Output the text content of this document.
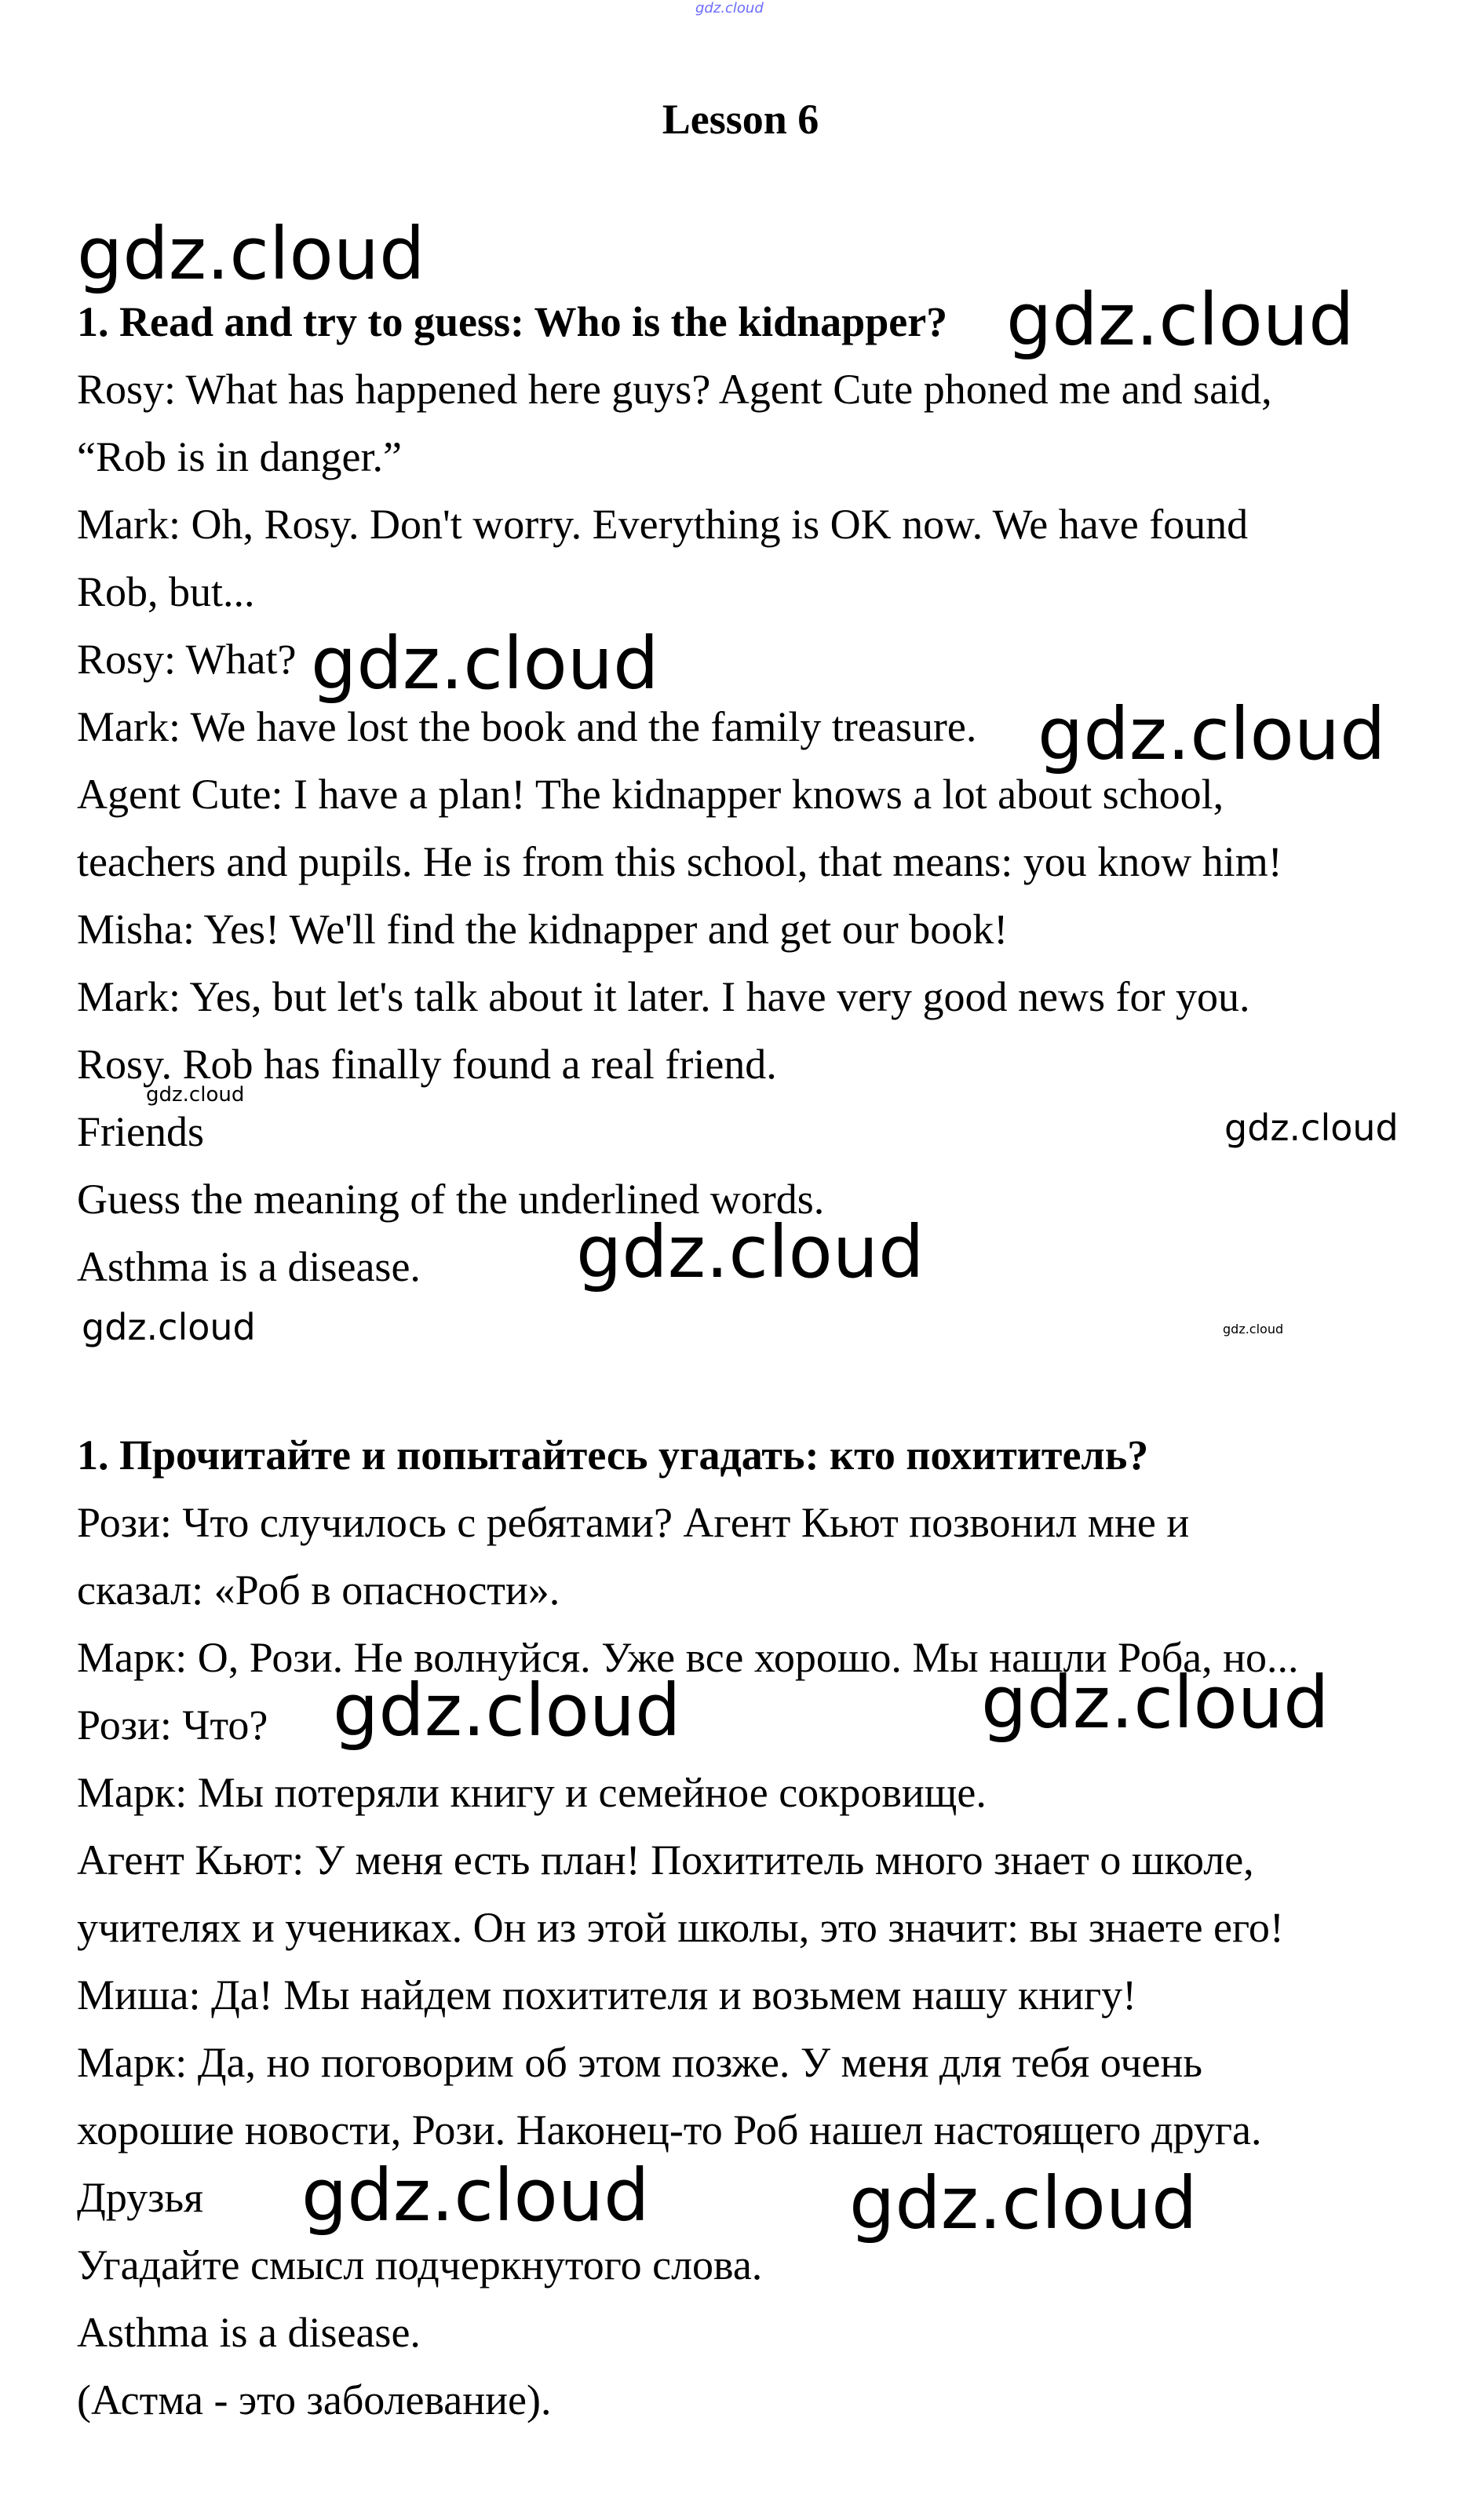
gdz.cloud
Lesson 6
1. Read and try to guess: Who is the kidnapper?
Rosy: What has happened here guys? Agent Cute phoned me and said,
“Rob is in danger.”
Mark: Oh, Rosy. Don't worry. Everything is OK now. We have found
Rob, but...
Rosy: What?
Mark: We have lost the book and the family treasure.
Agent Cute: I have a plan! The kidnapper knows a lot about school,
teachers and pupils. He is from this school, that means: you know him!
Misha: Yes! We'll find the kidnapper and get our book!
Mark: Yes, but let's talk about it later. I have very good news for you.
Rosy. Rob has finally found a real friend.
Friends
Guess the meaning of the underlined words.
Asthma is a disease.
1. Прочитайте и попытайтесь угадать: кто похититель?
Рози: Что случилось с ребятами? Агент Кьют позвонил мне и
сказал: «Роб в опасности».
Марк: О, Рози. Не волнуйся. Уже все хорошо. Мы нашли Роба, но...
Рози: Что?
Марк: Мы потеряли книгу и семейное сокровище.
Агент Кьют: У меня есть план! Похититель много знает о школе,
учителях и учениках. Он из этой школы, это значит: вы знаете его!
Миша: Да! Мы найдем похитителя и возьмем нашу книгу!
Марк: Да, но поговорим об этом позже. У меня для тебя очень
хорошие новости, Рози. Наконец-то Роб нашел настоящего друга.
Друзья
Угадайте смысл подчеркнутого слова.
Asthma is a disease.
(Астма - это заболевание).
gdz.cloud
gdz.cloud
gdz.cloud
gdz.cloud
gdz.cloud
gdz.cloud
gdz.cloud
gdz.cloud	gdz.cloud
gdz.cloud
gdz.cloud
gdz.cloud	gdz.cloud
